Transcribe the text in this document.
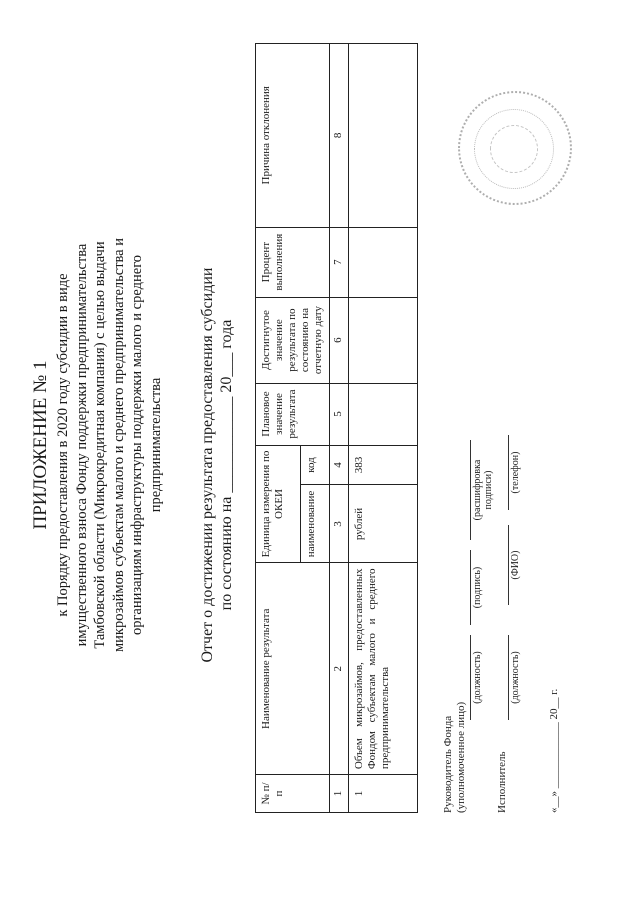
ПРИЛОЖЕНИЕ № 1 к Порядку предоставления в 2020 году субсидии в виде имущественного взноса Фонду поддержки предпринимательства Тамбовской области (Микрокредитная компания) с целью выдачи микрозаймов субъектам малого и среднего предпринимательства и организациям инфраструктуры поддержки малого и среднего предпринимательства Отчет о достижении результата предоставления субсидии по состоянию на ____________ 20___ года
№ п/п	Наименование результата	Единица измерения по ОКЕИ		Плановое значение результата	Достигнутое значение результата по состоянию на отчетную дату	Процент выполнения	Причина отклонения
		наименование	код				
1	2	3	4	5	6	7	8
1	Объем микрозаймов, предоставленных Фондом субъектам малого и среднего предпринимательства	рублей	383				
Руководитель Фонда (уполномоченное лицо)
(должность)
(подпись)
(расшифровка подписи)
Исполнитель
(должность)
(ФИО)
(телефон)
«__» ____________ 20__ г.
